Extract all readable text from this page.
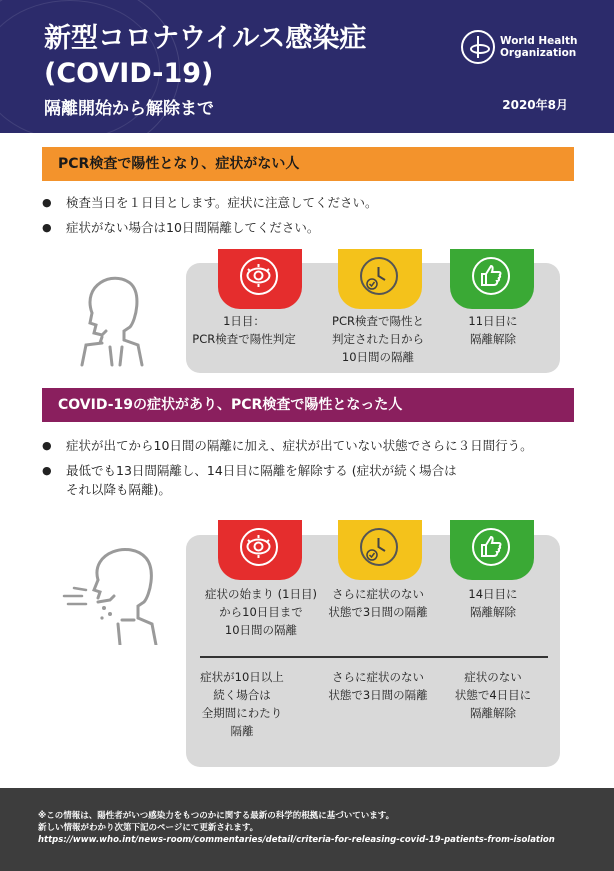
新型コロナウイルス感染症
(COVID-19)
隔離開始から解除まで	2020年8月
World Health
Organization
PCR検査で陽性となり、症状がない人
● 検査当日を１日目とします。症状に注意してください。
● 症状がない場合は10日間隔離してください。
1日目：
PCR検査で陽性判定
PCR検査で陽性と
判定された日から
10日間の隔離
11日目に
隔離解除
COVID-19の症状があり、PCR検査で陽性となった人
● 症状が出てから10日間の隔離に加え、症状が出ていない状態でさらに３日間行う。
● 最低でも13日間隔離し、14日目に隔離を解除する (症状が続く場合は
それ以降も隔離)。
症状の始まり (1日目)
から10日目まで
10日間の隔離
さらに症状のない
状態で3日間の隔離
14日目に
隔離解除
症状が10日以上
続く場合は
全期間にわたり
隔離
さらに症状のない
状態で3日間の隔離
症状のない
状態で4日目に
隔離解除
※この情報は、陽性者がいつ感染力をもつのかに関する最新の科学的根拠に基づいています。
新しい情報がわかり次第下記のページにて更新されます。
https://www.who.int/news-room/commentaries/detail/criteria-for-releasing-covid-19-patients-from-isolation
